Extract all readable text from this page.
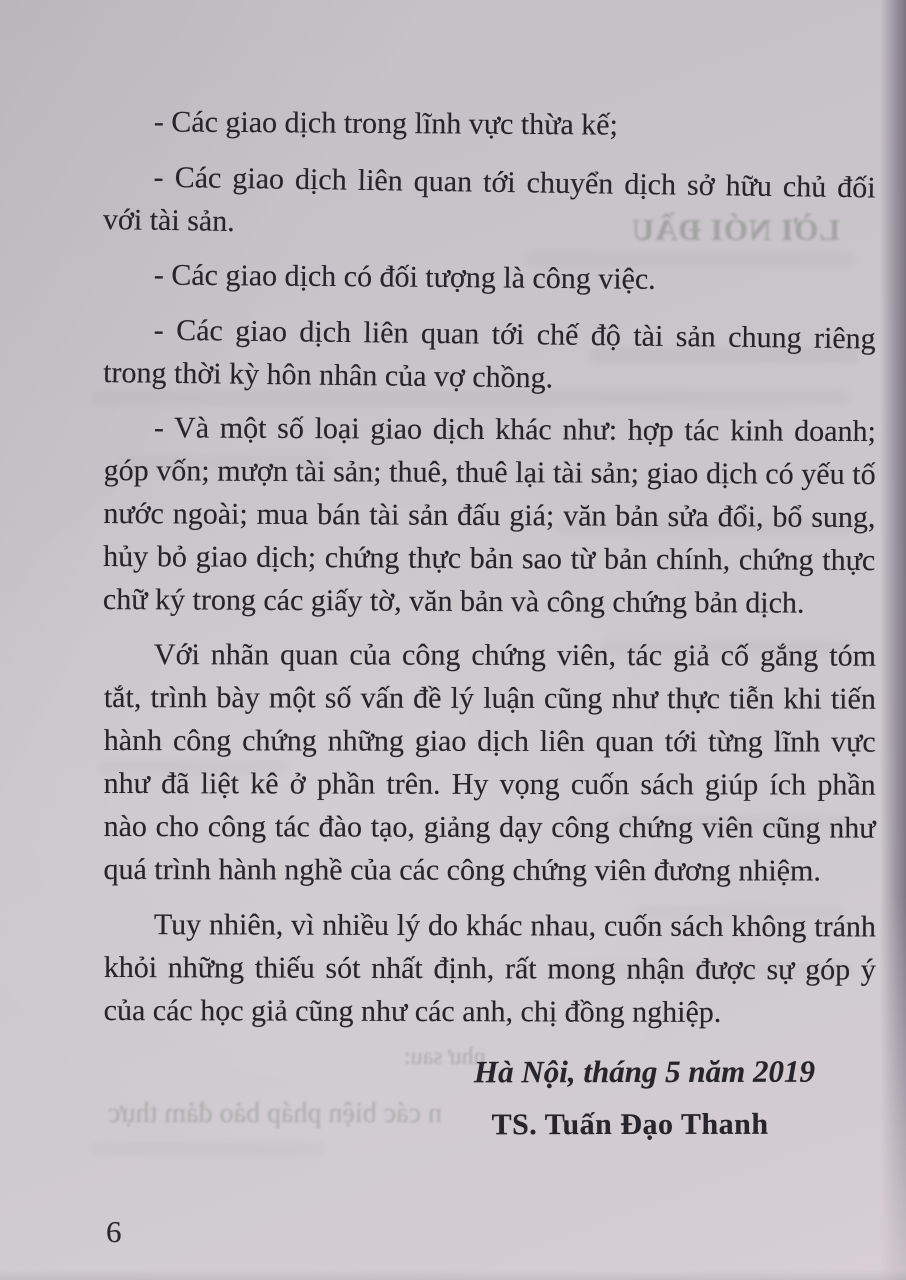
LỜI NÓI ĐẦU
như sau:
n các biện pháp bảo đảm thực

- Các giao dịch trong lĩnh vực thừa kế;

- Các giao dịch liên quan tới chuyển dịch sở hữu chủ đối với tài sản.

- Các giao dịch có đối tượng là công việc.

- Các giao dịch liên quan tới chế độ tài sản chung riêng trong thời kỳ hôn nhân của vợ chồng.

- Và một số loại giao dịch khác như: hợp tác kinh doanh; góp vốn; mượn tài sản; thuê, thuê lại tài sản; giao dịch có yếu tố nước ngoài; mua bán tài sản đấu giá; văn bản sửa đổi, bổ sung, hủy bỏ giao dịch; chứng thực bản sao từ bản chính, chứng thực chữ ký trong các giấy tờ, văn bản và công chứng bản dịch.

Với nhãn quan của công chứng viên, tác giả cố gắng tóm tắt, trình bày một số vấn đề lý luận cũng như thực tiễn khi tiến hành công chứng những giao dịch liên quan tới từng lĩnh vực như đã liệt kê ở phần trên. Hy vọng cuốn sách giúp ích phần nào cho công tác đào tạo, giảng dạy công chứng viên cũng như quá trình hành nghề của các công chứng viên đương nhiệm.

Tuy nhiên, vì nhiều lý do khác nhau, cuốn sách không tránh khỏi những thiếu sót nhất định, rất mong nhận được sự góp ý của các học giả cũng như các anh, chị đồng nghiệp.

Hà Nội, tháng 5 năm 2019
TS. Tuấn Đạo Thanh
6
